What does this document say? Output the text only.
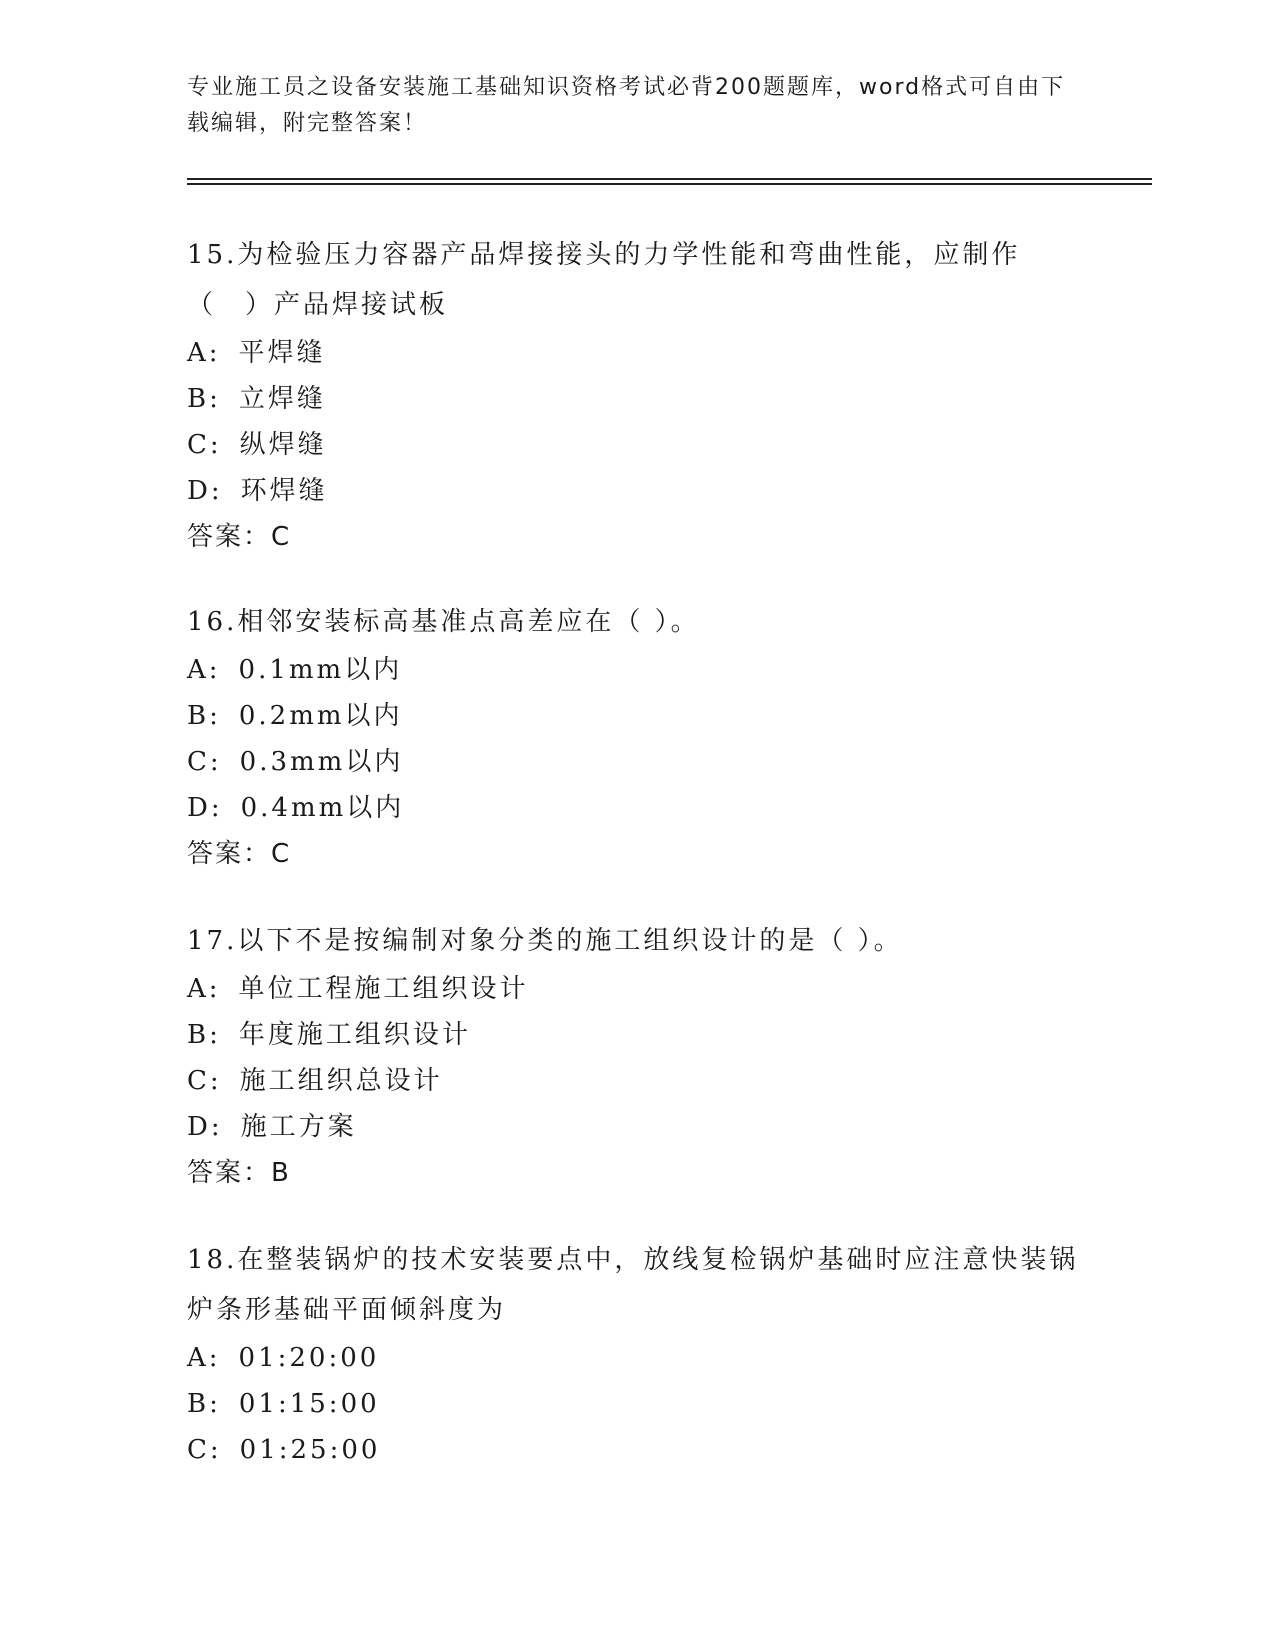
专业施工员之设备安装施工基础知识资格考试必背200题题库，word格式可自由下载编辑，附完整答案！
15.为检验压力容器产品焊接接头的力学性能和弯曲性能，应制作（　）产品焊接试板
A: 平焊缝
B: 立焊缝
C: 纵焊缝
D: 环焊缝
答案：C
16.相邻安装标高基准点高差应在（ ）。
A: 0.1mm以内
B: 0.2mm以内
C: 0.3mm以内
D: 0.4mm以内
答案：C
17.以下不是按编制对象分类的施工组织设计的是（ ）。
A: 单位工程施工组织设计
B: 年度施工组织设计
C: 施工组织总设计
D: 施工方案
答案：B
18.在整装锅炉的技术安装要点中，放线复检锅炉基础时应注意快装锅炉条形基础平面倾斜度为
A: 01:20:00
B: 01:15:00
C: 01:25:00
